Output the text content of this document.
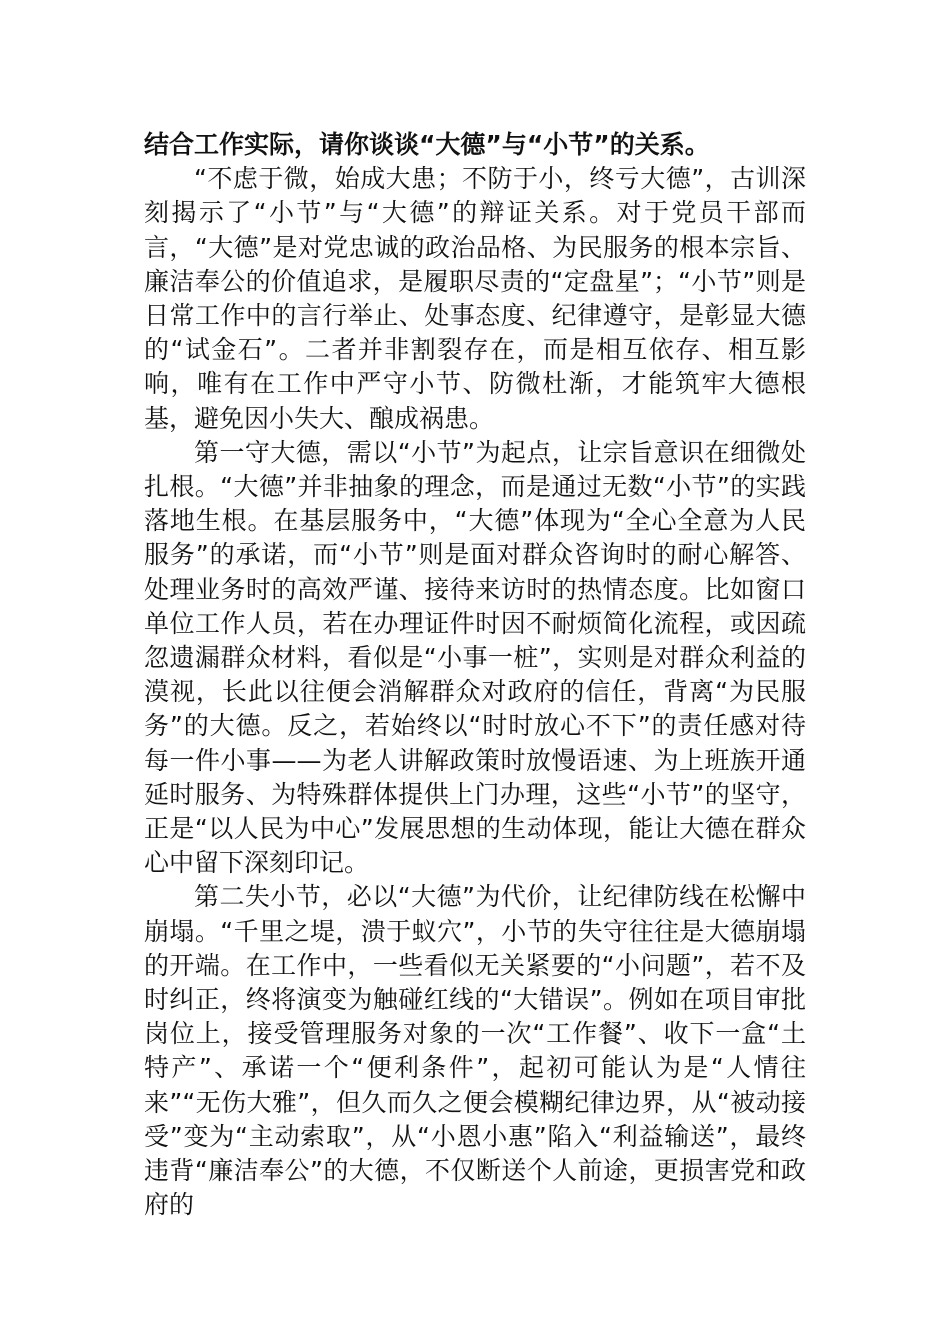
结合工作实际，请你谈谈“大德”与“小节”的关系。

“不虑于微，始成大患；不防于小，终亏大德”，古训深刻揭示了“小节”与“大德”的辩证关系。对于党员干部而言，“大德”是对党忠诚的政治品格、为民服务的根本宗旨、廉洁奉公的价值追求，是履职尽责的“定盘星”；“小节”则是日常工作中的言行举止、处事态度、纪律遵守，是彰显大德的“试金石”。二者并非割裂存在，而是相互依存、相互影响，唯有在工作中严守小节、防微杜渐，才能筑牢大德根基，避免因小失大、酿成祸患。

第一守大德，需以“小节”为起点，让宗旨意识在细微处扎根。“大德”并非抽象的理念，而是通过无数“小节”的实践落地生根。在基层服务中，“大德”体现为“全心全意为人民服务”的承诺，而“小节”则是面对群众咨询时的耐心解答、处理业务时的高效严谨、接待来访时的热情态度。比如窗口单位工作人员，若在办理证件时因不耐烦简化流程，或因疏忽遗漏群众材料，看似是“小事一桩”，实则是对群众利益的漠视，长此以往便会消解群众对政府的信任，背离“为民服务”的大德。反之，若始终以“时时放心不下”的责任感对待每一件小事——为老人讲解政策时放慢语速、为上班族开通延时服务、为特殊群体提供上门办理，这些“小节”的坚守，正是“以人民为中心”发展思想的生动体现，能让大德在群众心中留下深刻印记。

第二失小节，必以“大德”为代价，让纪律防线在松懈中崩塌。“千里之堤，溃于蚁穴”，小节的失守往往是大德崩塌的开端。在工作中，一些看似无关紧要的“小问题”，若不及时纠正，终将演变为触碰红线的“大错误”。例如在项目审批岗位上，接受管理服务对象的一次“工作餐”、收下一盒“土特产”、承诺一个“便利条件”，起初可能认为是“人情往来”“无伤大雅”，但久而久之便会模糊纪律边界，从“被动接受”变为“主动索取”，从“小恩小惠”陷入“利益输送”，最终违背“廉洁奉公”的大德，不仅断送个人前途，更损害党和政府的
